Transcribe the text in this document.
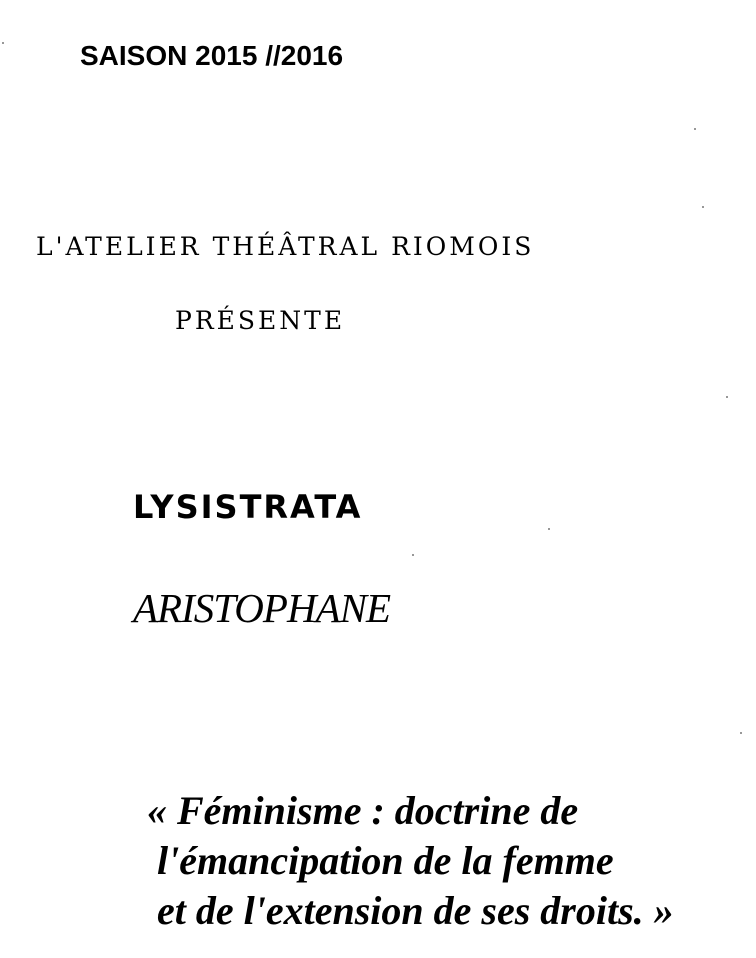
SAISON 2015 //2016
L'ATELIER THÉÂTRAL RIOMOIS
PRÉSENTE
LYSISTRATA
ARISTOPHANE
« Féminisme : doctrine de
l'émancipation de la femme
et de l'extension de ses droits. »
